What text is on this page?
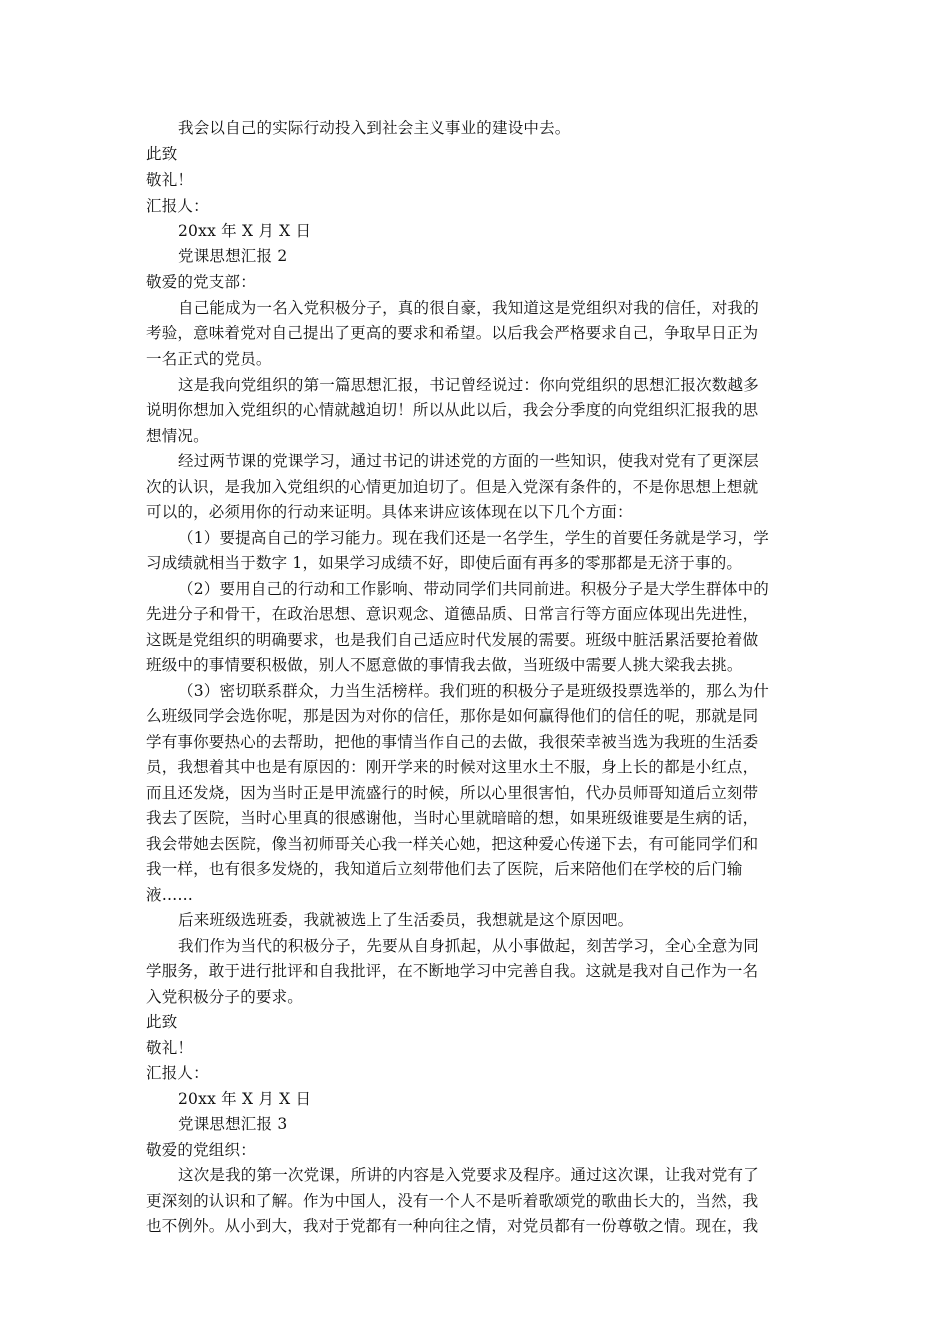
我会以自己的实际行动投入到社会主义事业的建设中去。
此致
敬礼！
汇报人：
20xx 年 X 月 X 日
党课思想汇报 2
敬爱的党支部：
自己能成为一名入党积极分子，真的很自豪，我知道这是党组织对我的信任，对我的
考验，意味着党对自己提出了更高的要求和希望。以后我会严格要求自己，争取早日正为
一名正式的党员。
这是我向党组织的第一篇思想汇报，书记曾经说过：你向党组织的思想汇报次数越多
说明你想加入党组织的心情就越迫切！所以从此以后，我会分季度的向党组织汇报我的思
想情况。
经过两节课的党课学习，通过书记的讲述党的方面的一些知识，使我对党有了更深层
次的认识，是我加入党组织的心情更加迫切了。但是入党深有条件的，不是你思想上想就
可以的，必须用你的行动来证明。具体来讲应该体现在以下几个方面：
（1）要提高自己的学习能力。现在我们还是一名学生，学生的首要任务就是学习，学
习成绩就相当于数字 1，如果学习成绩不好，即使后面有再多的零那都是无济于事的。
（2）要用自己的行动和工作影响、带动同学们共同前进。积极分子是大学生群体中的
先进分子和骨干，在政治思想、意识观念、道德品质、日常言行等方面应体现出先进性，
这既是党组织的明确要求，也是我们自己适应时代发展的需要。班级中脏活累活要抢着做
班级中的事情要积极做，别人不愿意做的事情我去做，当班级中需要人挑大梁我去挑。
（3）密切联系群众，力当生活榜样。我们班的积极分子是班级投票选举的，那么为什
么班级同学会选你呢，那是因为对你的信任，那你是如何赢得他们的信任的呢，那就是同
学有事你要热心的去帮助，把他的事情当作自己的去做，我很荣幸被当选为我班的生活委
员，我想着其中也是有原因的：刚开学来的时候对这里水土不服，身上长的都是小红点，
而且还发烧，因为当时正是甲流盛行的时候，所以心里很害怕，代办员师哥知道后立刻带
我去了医院，当时心里真的很感谢他，当时心里就暗暗的想，如果班级谁要是生病的话，
我会带她去医院，像当初师哥关心我一样关心她，把这种爱心传递下去，有可能同学们和
我一样，也有很多发烧的，我知道后立刻带他们去了医院，后来陪他们在学校的后门输
液……
后来班级选班委，我就被选上了生活委员，我想就是这个原因吧。
我们作为当代的积极分子，先要从自身抓起，从小事做起，刻苦学习，全心全意为同
学服务，敢于进行批评和自我批评，在不断地学习中完善自我。这就是我对自己作为一名
入党积极分子的要求。
此致
敬礼！
汇报人：
20xx 年 X 月 X 日
党课思想汇报 3
敬爱的党组织：
这次是我的第一次党课，所讲的内容是入党要求及程序。通过这次课，让我对党有了
更深刻的认识和了解。作为中国人，没有一个人不是听着歌颂党的歌曲长大的，当然，我
也不例外。从小到大，我对于党都有一种向往之情，对党员都有一份尊敬之情。现在，我
